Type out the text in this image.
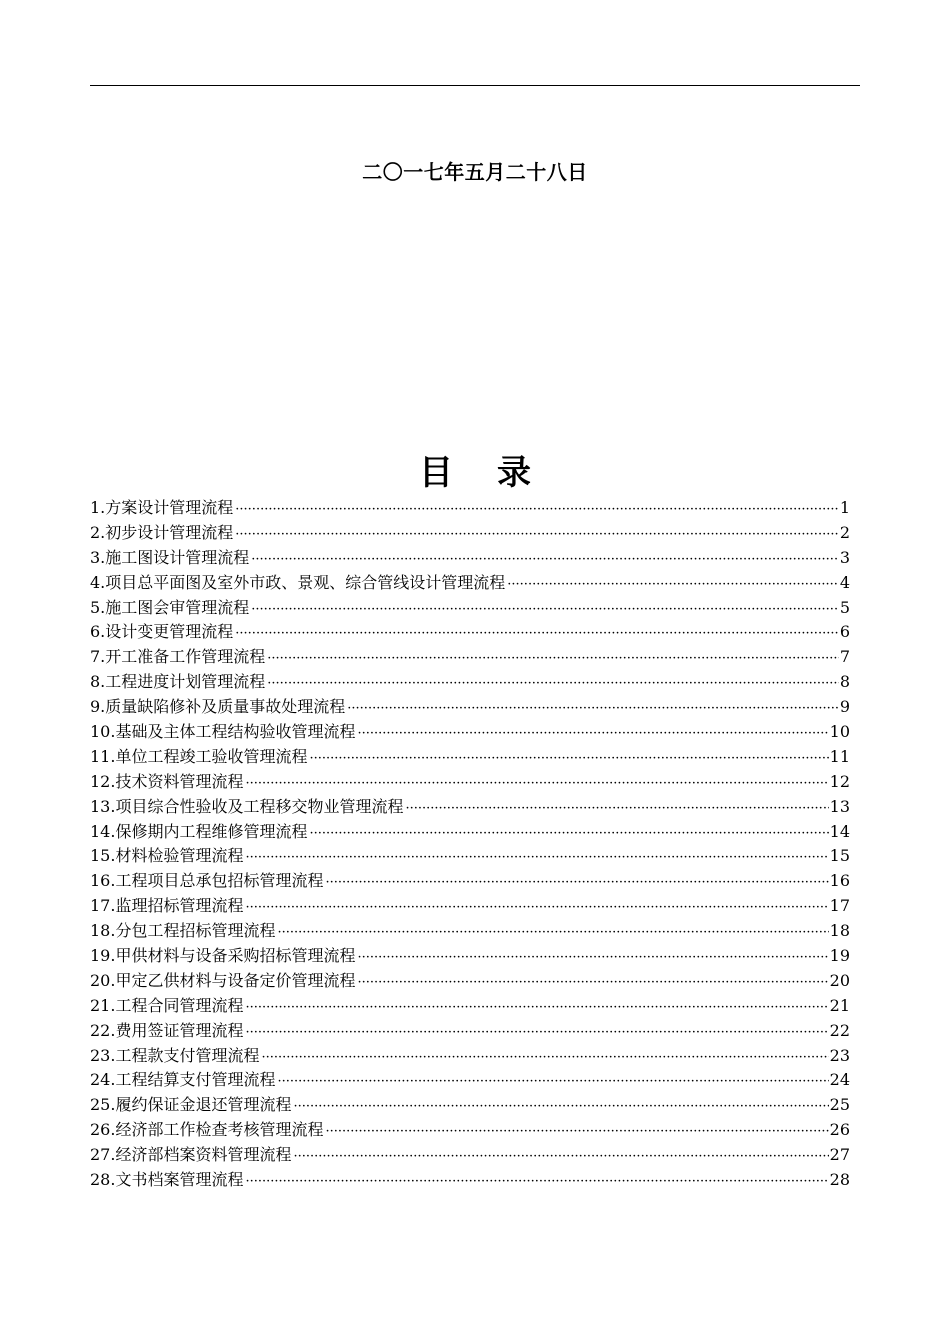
二〇一七年五月二十八日
目录
1.方案设计管理流程 ·····	1
2.初步设计管理流程 ·····	2
3.施工图设计管理流程 ·····	3
4.项目总平面图及室外市政、景观、综合管线设计管理流程 ·····	4
5.施工图会审管理流程 ·····	5
6.设计变更管理流程 ·····	6
7.开工准备工作管理流程 ·····	7
8.工程进度计划管理流程 ·····	8
9.质量缺陷修补及质量事故处理流程 ·····	9
10.基础及主体工程结构验收管理流程 ·····	10
11.单位工程竣工验收管理流程 ·····	11
12.技术资料管理流程 ·····	12
13.项目综合性验收及工程移交物业管理流程 ·····	13
14.保修期内工程维修管理流程 ·····	14
15.材料检验管理流程 ·····	15
16.工程项目总承包招标管理流程 ·····	16
17.监理招标管理流程 ·····	17
18.分包工程招标管理流程 ·····	18
19.甲供材料与设备采购招标管理流程 ·····	19
20.甲定乙供材料与设备定价管理流程 ·····	20
21.工程合同管理流程 ·····	21
22.费用签证管理流程 ·····	22
23.工程款支付管理流程 ·····	23
24.工程结算支付管理流程 ·····	24
25.履约保证金退还管理流程 ·····	25
26.经济部工作检查考核管理流程 ·····	26
27.经济部档案资料管理流程 ·····	27
28.文书档案管理流程 ·····	28
